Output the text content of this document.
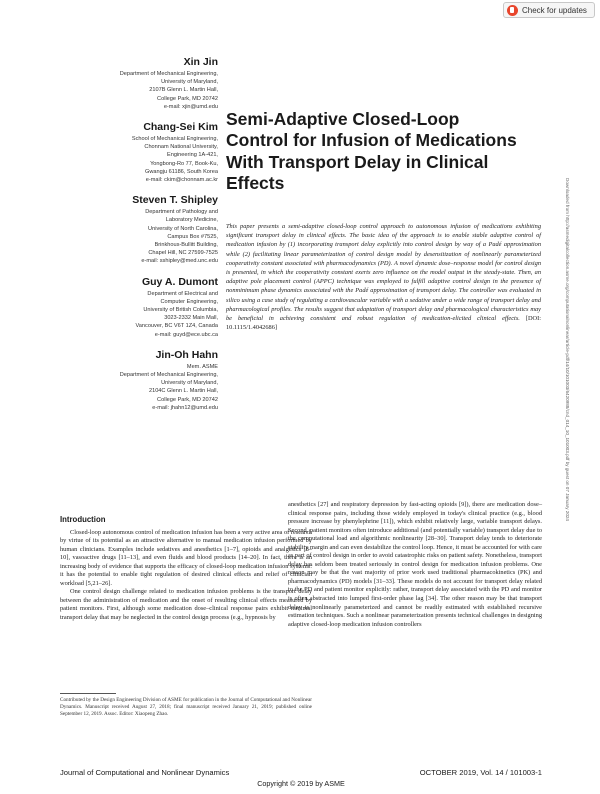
Check for updates
Xin Jin
Department of Mechanical Engineering,
University of Maryland,
2107B Glenn L. Martin Hall,
College Park, MD 20742
e-mail: xjin@umd.edu
Chang-Sei Kim
School of Mechanical Engineering,
Chonnam National University,
Engineering 1A-421,
Yongbong-Ro 77, Book-Ku,
Gwangju 61186, South Korea
e-mail: ckim@chonnam.ac.kr
Steven T. Shipley
Department of Pathology and
Laboratory Medicine,
University of North Carolina,
Campus Box #7525,
Brinkhous-Bullitt Building,
Chapel Hill, NC 27599-7525
e-mail: sshipley@med.unc.edu
Guy A. Dumont
Department of Electrical and
Computer Engineering,
University of British Columbia,
3023-2332 Main Mall,
Vancouver, BC V6T 1Z4, Canada
e-mail: guyd@ece.ubc.ca
Jin-Oh Hahn
Mem. ASME
Department of Mechanical Engineering,
University of Maryland,
2104C Glenn L. Martin Hall,
College Park, MD 20742
e-mail: jhahn12@umd.edu
Semi-Adaptive Closed-Loop Control for Infusion of Medications With Transport Delay in Clinical Effects
This paper presents a semi-adaptive closed-loop control approach to autonomous infusion of medications exhibiting significant transport delay in clinical effects. The basic idea of the approach is to enable stable adaptive control of medication infusion by (1) incorporating transport delay explicitly into control design by way of a Padé approximation while (2) facilitating linear parameterization of control design model by desensitization of nonlinearly parameterized cooperativity constant associated with pharmacodynamics (PD). A novel dynamic dose–response model for control design is presented, in which the cooperativity constant exerts zero influence on the model output in the steady-state. Then, an adaptive pole placement control (APPC) technique was employed to fulfill adaptive control design in the presence of nonminimum phase dynamics associated with the Padé approximation of transport delay. The controller was evaluated in silico using a case study of regulating a cardiovascular variable with a sedative under a wide range of transport delay and pharmacological profiles. The results suggest that adaptation of transport delay and pharmacological characteristics may be beneficial in achieving consistent and robust regulation of medication-elicited clinical effects. [DOI: 10.1115/1.4042686]	Downloaded from http://asmedigitalcollection.asme.org/computationalnonlinear/article-pdf/14/10/101003/6420988/cnd_014_10_101003.pdf by guest on 07 January 2024
Introduction

Closed-loop autonomous control of medication infusion has been a very active area of research by virtue of its potential as an attractive alternative to manual medication infusion performed by human clinicians. Examples include sedatives and anesthetics [1–7], opioids and analgesics [8–10], vasoactive drugs [11–13], and even fluids and blood products [14–20]. In fact, there is an increasing body of evidence that supports the efficacy of closed-loop medication infusion systems: it has the potential to enable tight regulation of desired clinical effects and relief of clinician workload [5,21–26].

One control design challenge related to medication infusion problems is the transport delay between the administration of medication and the onset of resulting clinical effects measured by patient monitors. First, although some medication dose–clinical response pairs exhibit minimal transport delay that may be neglected in the control design process (e.g., hypnosis by

anesthetics [27] and respiratory depression by fast-acting opioids [9]), there are medication dose–clinical response pairs, including those widely employed in today's clinical practice (e.g., blood pressure increase by phenylephrine [11]), which exhibit relatively large, variable transport delays. Second, patient monitors often introduce additional (and potentially variable) transport delay due to the computational load and algorithmic nonlinearity [28–30]. Transport delay tends to deteriorate stability margin and can even destabilize the control loop. Hence, it must be accounted for with care as part of control design in order to avoid catastrophic risks on patient safety. Nonetheless, transport delay has seldom been treated seriously in control design for medication infusion problems. One reason may be that the vast majority of prior work used traditional pharmacokinetics (PK) and pharmacodynamics (PD) models [31–33]. These models do not account for transport delay related to the PD and patient monitor explicitly: rather, transport delay associated with the PD and monitor is often abstracted into lumped first-order phase lag [34]. The other reason may be that transport delay is nonlinearly parameterized and cannot be readily estimated with established recursive estimation techniques. Such a nonlinear parameterization presents technical challenges in designing adaptive closed-loop medication infusion controllers

Contributed by the Design Engineering Division of ASME for publication in the Journal of Computational and Nonlinear Dynamics. Manuscript received August 27, 2018; final manuscript received January 21, 2019; published online September 12, 2019. Assoc. Editor: Xiaopeng Zhao.
Journal of Computational and Nonlinear Dynamics	OCTOBER 2019, Vol. 14 / 101003-1
Copyright © 2019 by ASME
